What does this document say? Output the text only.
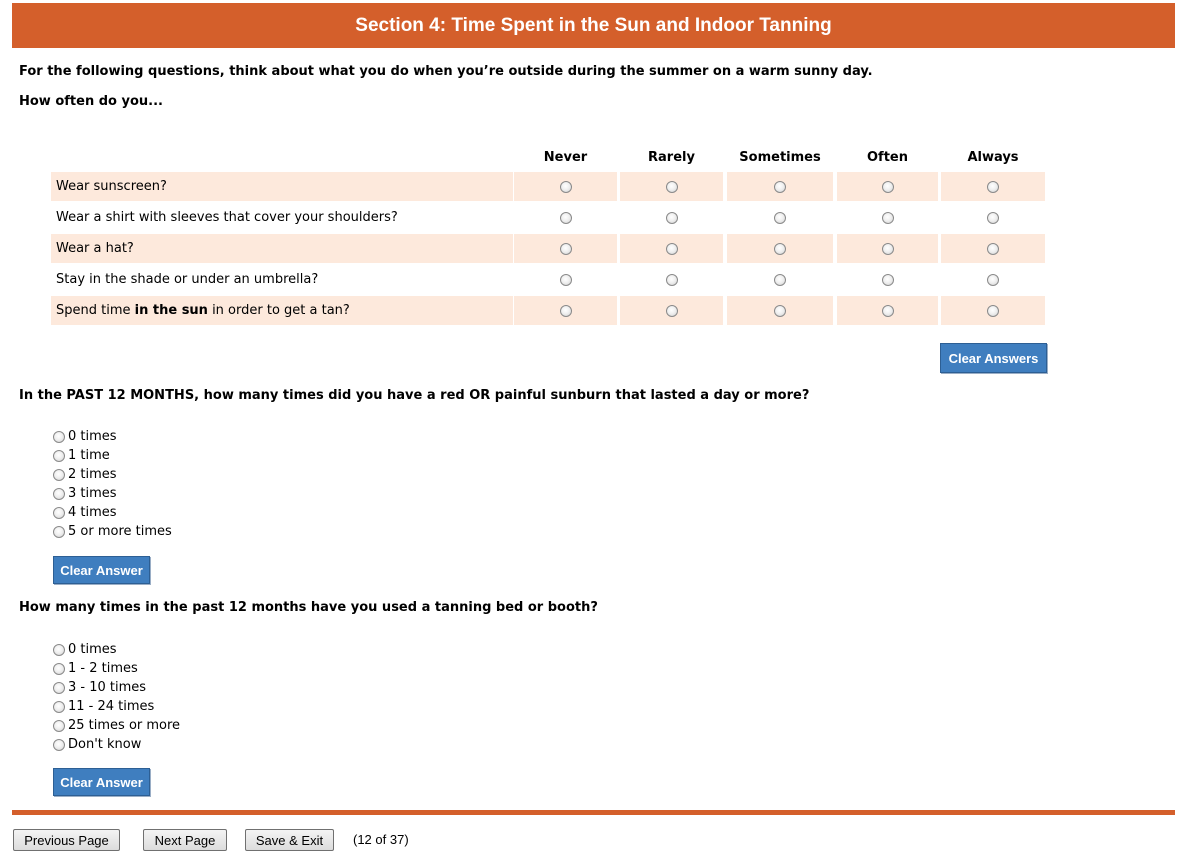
Section 4: Time Spent in the Sun and Indoor Tanning
For the following questions, think about what you do when you’re outside during the summer on a warm sunny day.
How often do you...
Never	Rarely	Sometimes	Often	Always
Wear sunscreen?
Wear a shirt with sleeves that cover your shoulders?
Wear a hat?
Stay in the shade or under an umbrella?
Spend time in the sun in order to get a tan?
Clear Answers
In the PAST 12 MONTHS, how many times did you have a red OR painful sunburn that lasted a day or more?
0 times
1 time
2 times
3 times
4 times
5 or more times
Clear Answer
How many times in the past 12 months have you used a tanning bed or booth?
0 times
1 - 2 times
3 - 10 times
11 - 24 times
25 times or more
Don't know
Clear Answer
Previous Page	Next Page	Save & Exit	(12 of 37)
